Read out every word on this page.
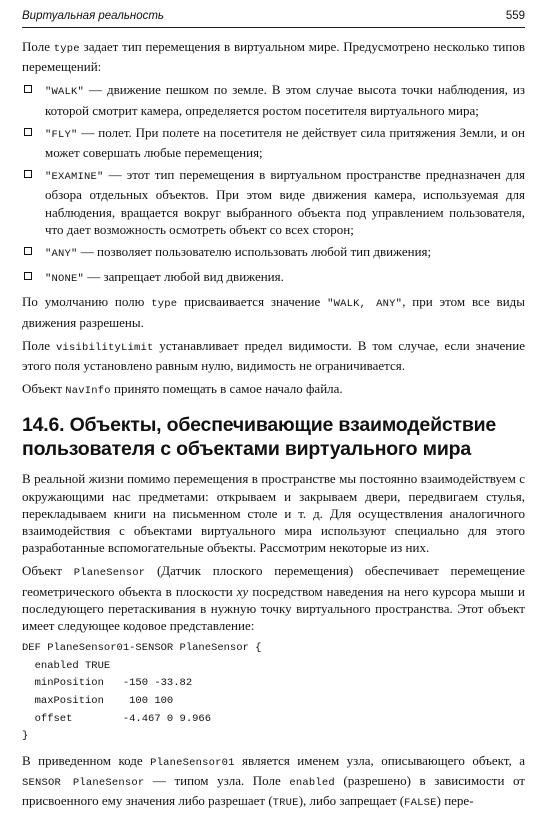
Виртуальная реальность	559

Поле type задает тип перемещения в виртуальном мире. Предусмотрено несколько типов перемещений:

"WALK" — движение пешком по земле. В этом случае высота точки наблюдения, из которой смотрит камера, определяется ростом посетителя виртуального мира;
"FLY" — полет. При полете на посетителя не действует сила притяжения Земли, и он может совершать любые перемещения;
"EXAMINE" — этот тип перемещения в виртуальном пространстве предназначен для обзора отдельных объектов. При этом виде движения камера, используемая для наблюдения, вращается вокруг выбранного объекта под управлением пользователя, что дает возможность осмотреть объект со всех сторон;
"ANY" — позволяет пользователю использовать любой тип движения;
"NONE" — запрещает любой вид движения.

По умолчанию полю type присваивается значение "WALK, ANY", при этом все виды движения разрешены.

Поле visibilityLimit устанавливает предел видимости. В том случае, если значение этого поля установлено равным нулю, видимость не ограничивается.

Объект NavInfo принято помещать в самое начало файла.

14.6. Объекты, обеспечивающие взаимодействие пользователя с объектами виртуального мира

В реальной жизни помимо перемещения в пространстве мы постоянно взаимодействуем с окружающими нас предметами: открываем и закрываем двери, передвигаем стулья, перекладываем книги на письменном столе и т. д. Для осуществления аналогичного взаимодействия с объектами виртуального мира используют специально для этого разработанные вспомогательные объекты. Рассмотрим некоторые из них.

Объект PlaneSensor (Датчик плоского перемещения) обеспечивает перемещение геометрического объекта в плоскости xy посредством наведения на него курсора мыши и последующего перетаскивания в нужную точку виртуального пространства. Этот объект имеет следующее кодовое представление:

DEF PlaneSensor01-SENSOR PlaneSensor {
enabled TRUE
minPosition   -150 -33.82
maxPosition    100 100
offset        -4.467 0 9.966
}

В приведенном коде PlaneSensor01 является именем узла, описывающего объект, а SENSOR PlaneSensor — типом узла. Поле enabled (разрешено) в зависимости от присвоенного ему значения либо разрешает (TRUE), либо запрещает (FALSE) пере-
